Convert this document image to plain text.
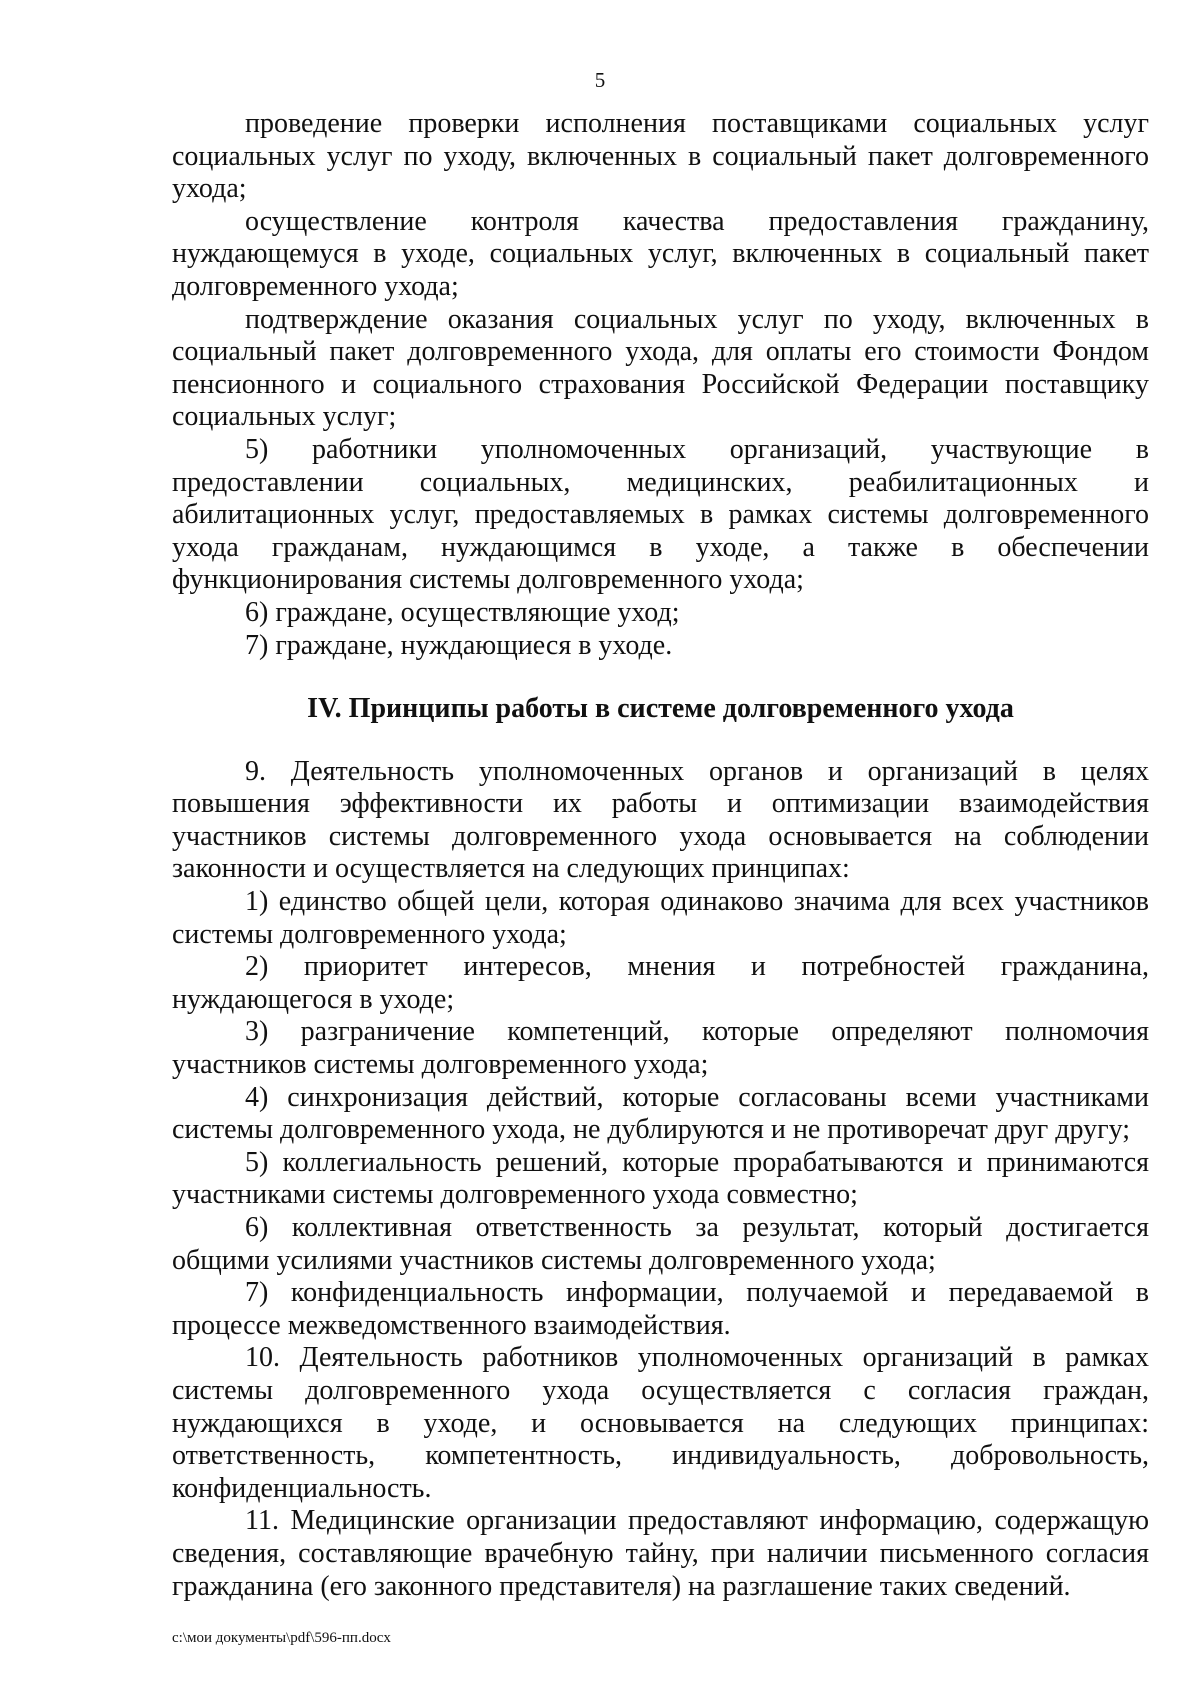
5

проведение проверки исполнения поставщиками социальных услуг социальных услуг по уходу, включенных в социальный пакет долговременного ухода;

осуществление контроля качества предоставления гражданину, нуждающемуся в уходе, социальных услуг, включенных в социальный пакет долговременного ухода;

подтверждение оказания социальных услуг по уходу, включенных в социальный пакет долговременного ухода, для оплаты его стоимости Фондом пенсионного и социального страхования Российской Федерации поставщику социальных услуг;

5) работники уполномоченных организаций, участвующие в предоставлении социальных, медицинских, реабилитационных и абилитационных услуг, предоставляемых в рамках системы долговременного ухода гражданам, нуждающимся в уходе, а также в обеспечении функционирования системы долговременного ухода;

6) граждане, осуществляющие уход;

7) граждане, нуждающиеся в уходе.

IV. Принципы работы в системе долговременного ухода

9. Деятельность уполномоченных органов и организаций в целях повышения эффективности их работы и оптимизации взаимодействия участников системы долговременного ухода основывается на соблюдении законности и осуществляется на следующих принципах:

1) единство общей цели, которая одинаково значима для всех участников системы долговременного ухода;

2) приоритет интересов, мнения и потребностей гражданина, нуждающегося в уходе;

3) разграничение компетенций, которые определяют полномочия участников системы долговременного ухода;

4) синхронизация действий, которые согласованы всеми участниками системы долговременного ухода, не дублируются и не противоречат друг другу;

5) коллегиальность решений, которые прорабатываются и принимаются участниками системы долговременного ухода совместно;

6) коллективная ответственность за результат, который достигается общими усилиями участников системы долговременного ухода;

7) конфиденциальность информации, получаемой и передаваемой в процессе межведомственного взаимодействия.

10. Деятельность работников уполномоченных организаций в рамках системы долговременного ухода осуществляется с согласия граждан, нуждающихся в уходе, и основывается на следующих принципах: ответственность, компетентность, индивидуальность, добровольность, конфиденциальность.

11. Медицинские организации предоставляют информацию, содержащую сведения, составляющие врачебную тайну, при наличии письменного согласия гражданина (его законного представителя) на разглашение таких сведений.

c:\мои документы\pdf\596-пп.docx
